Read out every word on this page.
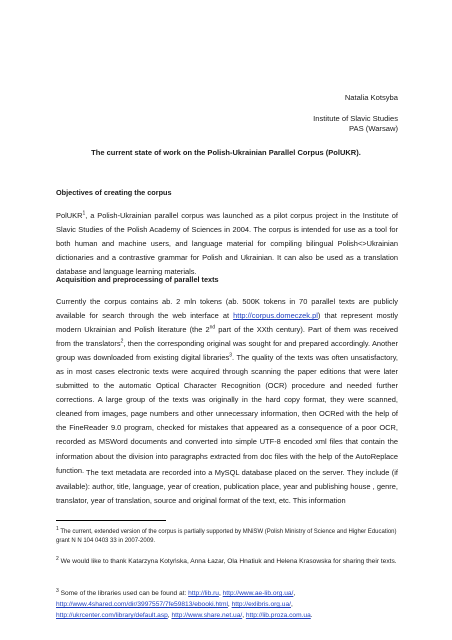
Natalia Kotsyba
Institute of Slavic Studies
PAS (Warsaw)
The current state of work on the Polish-Ukrainian Parallel Corpus (PolUKR).
Objectives of creating the corpus

PolUKR$^1$, a Polish-Ukrainian parallel corpus was launched as a pilot corpus project in the Institute of Slavic Studies of the Polish Academy of Sciences in 2004. The corpus is intended for use as a tool for both human and machine users, and language material for compiling bilingual Polish<>Ukrainian dictionaries and a contrastive grammar for Polish and Ukrainian. It can also be used as a translation database and language learning materials.

Acquisition and preprocessing of parallel texts

Currently the corpus contains ab. 2 mln tokens (ab. 500K tokens in 70 parallel texts are publicly available for search through the web interface at http://corpus.domeczek.pl) that represent mostly modern Ukrainian and Polish literature (the 2nd part of the XXth century). Part of them was received from the translators$^2$, then the corresponding original was sought for and prepared accordingly. Another group was downloaded from existing digital libraries$^3$. The quality of the texts was often unsatisfactory, as in most cases electronic texts were acquired through scanning the paper editions that were later submitted to the automatic Optical Character Recognition (OCR) procedure and needed further corrections. A large group of the texts was originally in the hard copy format, they were scanned, cleaned from images, page numbers and other unnecessary information, then OCRed with the help of the FineReader 9.0 program, checked for mistakes that appeared as a consequence of a poor OCR, recorded as MSWord documents and converted into simple UTF-8 encoded xml files that contain the information about the division into paragraphs extracted from doc files with the help of the AutoReplace function. The text metadata are recorded into a MySQL database placed on the server. They include (if available): author, title, language, year of creation, publication place, year and publishing house , genre, translator, year of translation, source and original format of the text, etc. This information

$^1$ The current, extended version of the corpus is partially supported by MNiSW (Polish Ministry of Science and Higher Education) grant N N 104 0403 33 in 2007-2009.
$^2$ We would like to thank Katarzyna Kotyńska, Anna Łazar, Ola Hnatiuk and Helena Krasowska for sharing their texts.
$^3$ Some of the libraries used can be found at: http://lib.ru, http://www.ae-lib.org.ua/, http://www.4shared.com/dir/3997557/7fe59813/ebooki.html, http://exlibris.org.ua/, http://ukrcenter.com/library/default.asp, http://www.share.net.ua/, http://lib.proza.com.ua.
